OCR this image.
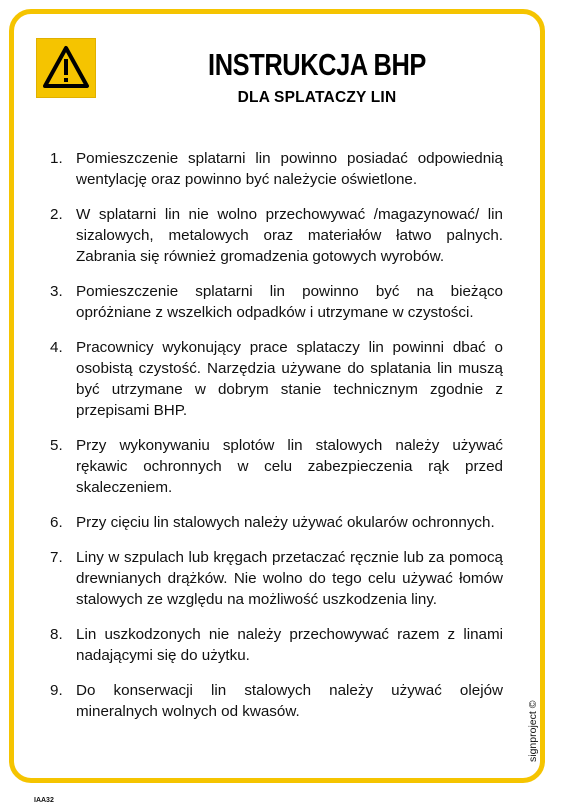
INSTRUKCJA BHP
DLA SPLATACZY LIN
1. Pomieszczenie splatarni lin powinno posiadać odpowiednią wentylację oraz powinno być należycie oświetlone.
2. W splatarni lin nie wolno przechowywać /magazynować/ lin sizalowych, metalowych oraz materiałów łatwo palnych. Zabrania się również gromadzenia gotowych wyrobów.
3. Pomieszczenie splatarni lin powinno być na bieżąco opróżniane z wszelkich odpadków i utrzymane w czystości.
4. Pracownicy wykonujący prace splataczy lin powinni dbać o osobistą czystość. Narzędzia używane do splatania lin muszą być utrzymane w dobrym stanie technicznym zgodnie z przepisami BHP.
5. Przy wykonywaniu splotów lin stalowych należy używać rękawic ochronnych w celu zabezpieczenia rąk przed skaleczeniem.
6. Przy cięciu lin stalowych należy używać okularów ochronnych.
7. Liny w szpulach lub kręgach przetaczać ręcznie lub za pomocą drewnianych drążków. Nie wolno do tego celu używać łomów stalowych ze względu na możliwość uszkodzenia liny.
8. Lin uszkodzonych nie należy przechowywać razem z linami nadającymi się do użytku.
9. Do konserwacji lin stalowych należy używać olejów mineralnych wolnych od kwasów.	signproject ©
IAA32
